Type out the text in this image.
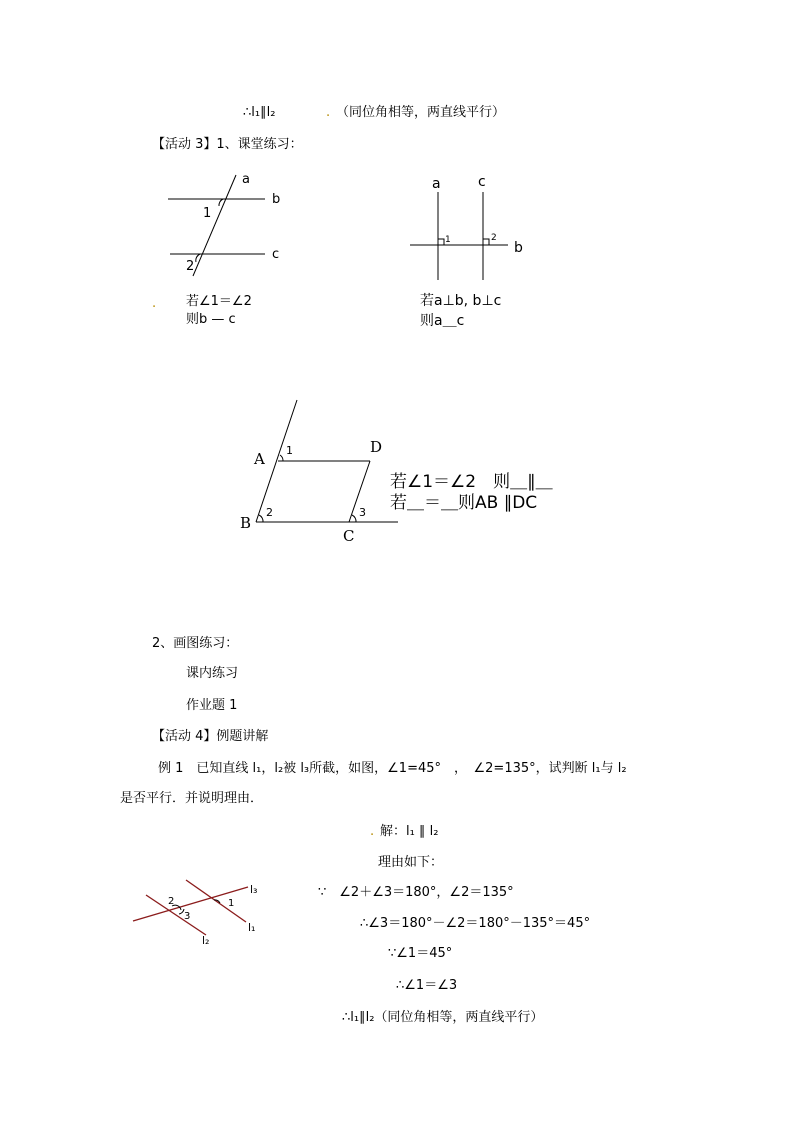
∴l₁∥l₂	. （同位角相等，两直线平行）
【活动 3】1、课堂练习：
a
b
c
1
2
. 若∠1＝∠2
则b — c
a	c
b
1	2
若a⊥b, b⊥c
则a＿c
A
D
B
C
1
2	3
若∠1＝∠2　则＿∥＿
若＿＝＿则AB ∥DC
2、画图练习：
课内练习
作业题 1
【活动 4】例题讲解
例 1　已知直线 l₁，l₂被 l₃所截，如图，∠1=45°　，　∠2=135°，试判断 l₁与 l₂
是否平行．并说明理由．
. 解：l₁ ∥ l₂
理由如下：
∵　∠2＋∠3＝180°，∠2＝135°
∴∠3＝180°－∠2＝180°－135°＝45°
∵∠1＝45°
∴∠1＝∠3
∴l₁∥l₂（同位角相等，两直线平行）
l₃
l₁
l₂
2
3
1
